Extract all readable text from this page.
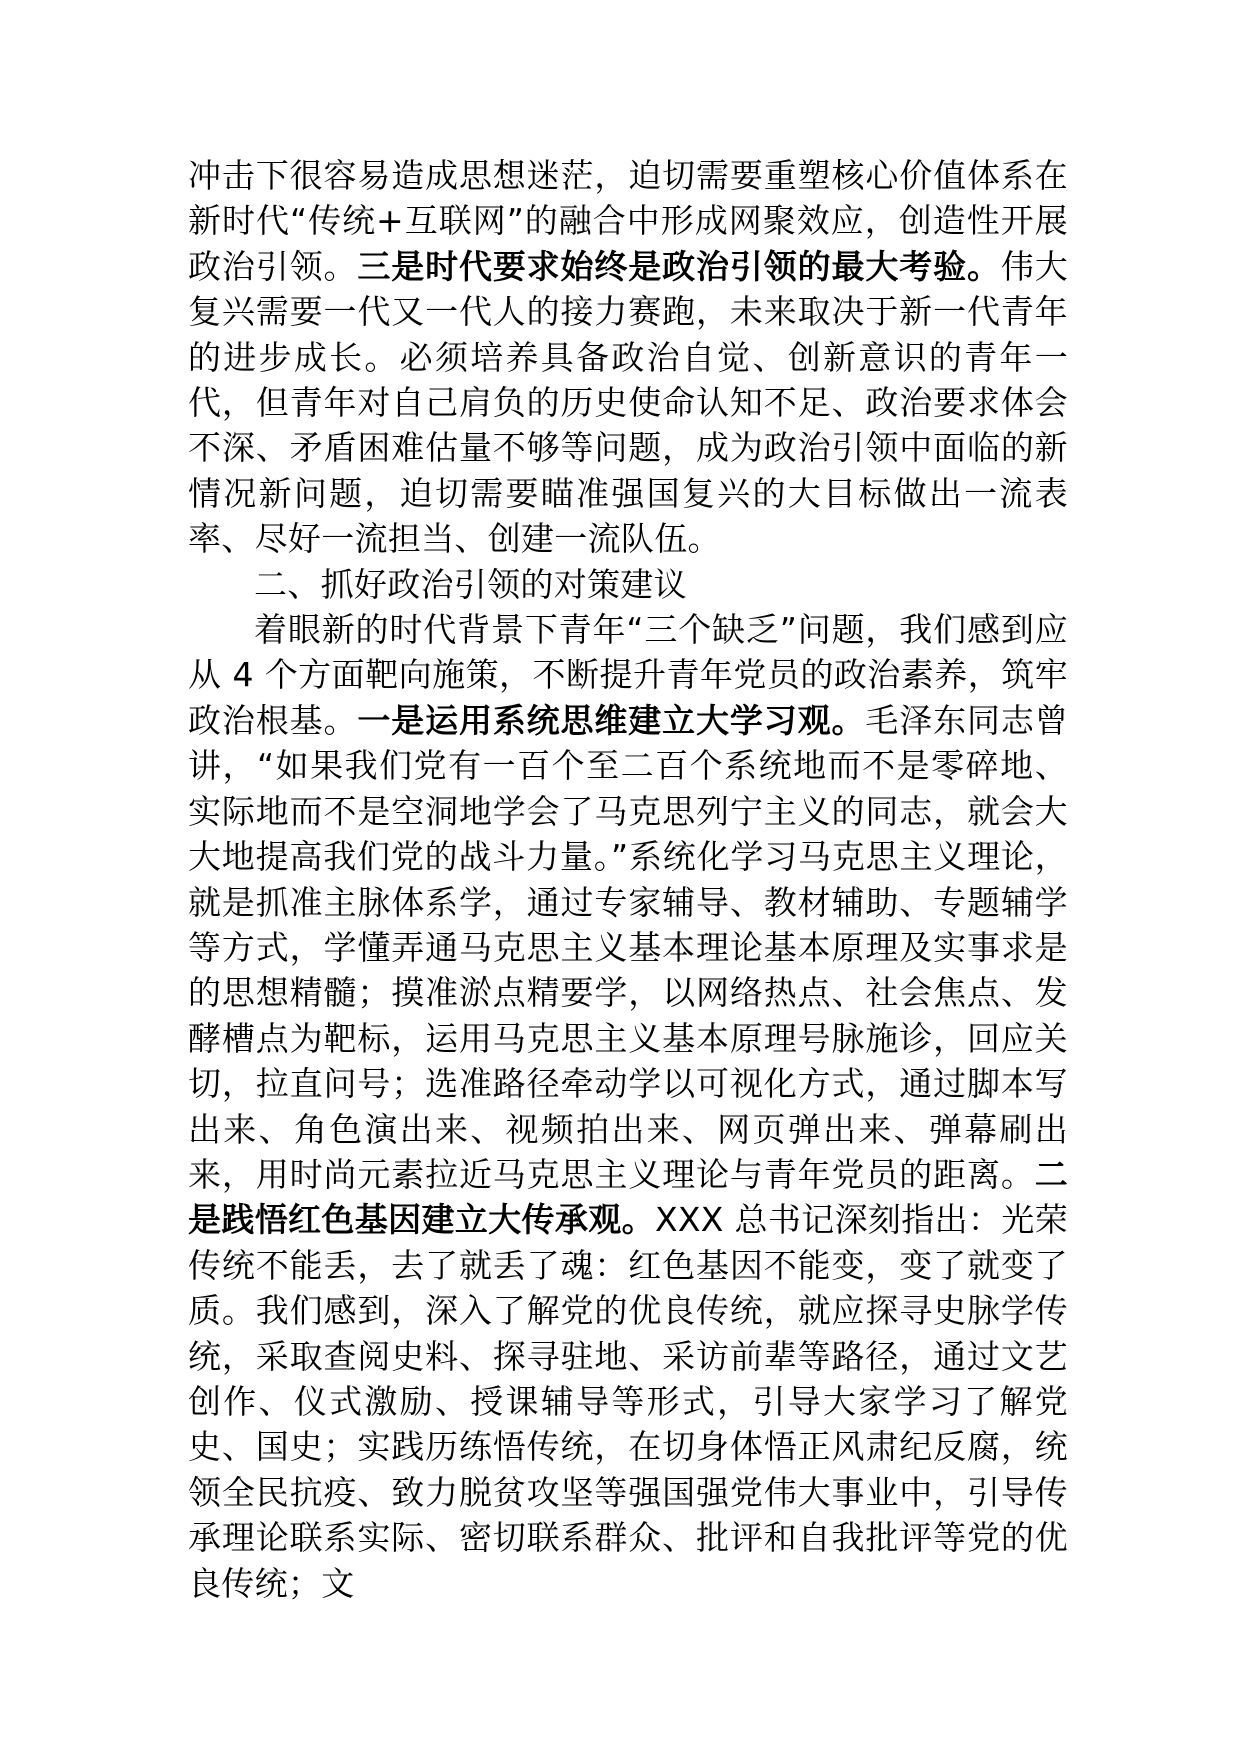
冲击下很容易造成思想迷茫，迫切需要重塑核心价值体系在新时代“传统+互联网”的融合中形成网聚效应，创造性开展政治引领。三是时代要求始终是政治引领的最大考验。伟大复兴需要一代又一代人的接力赛跑，未来取决于新一代青年的进步成长。必须培养具备政治自觉、创新意识的青年一代，但青年对自己肩负的历史使命认知不足、政治要求体会不深、矛盾困难估量不够等问题，成为政治引领中面临的新情况新问题，迫切需要瞄准强国复兴的大目标做出一流表率、尽好一流担当、创建一流队伍。

二、抓好政治引领的对策建议

着眼新的时代背景下青年“三个缺乏”问题，我们感到应从 4 个方面靶向施策，不断提升青年党员的政治素养，筑牢政治根基。一是运用系统思维建立大学习观。毛泽东同志曾讲，“如果我们党有一百个至二百个系统地而不是零碎地、实际地而不是空洞地学会了马克思列宁主义的同志，就会大大地提高我们党的战斗力量。”系统化学习马克思主义理论，就是抓准主脉体系学，通过专家辅导、教材辅助、专题辅学等方式，学懂弄通马克思主义基本理论基本原理及实事求是的思想精髓；摸准淤点精要学，以网络热点、社会焦点、发酵槽点为靶标，运用马克思主义基本原理号脉施诊，回应关切，拉直问号；选准路径牵动学以可视化方式，通过脚本写出来、角色演出来、视频拍出来、网页弹出来、弹幕刷出来，用时尚元素拉近马克思主义理论与青年党员的距离。二是践悟红色基因建立大传承观。XXX 总书记深刻指出：光荣传统不能丢，去了就丢了魂：红色基因不能变，变了就变了质。我们感到，深入了解党的优良传统，就应探寻史脉学传统，采取查阅史料、探寻驻地、采访前辈等路径，通过文艺创作、仪式激励、授课辅导等形式，引导大家学习了解党史、国史；实践历练悟传统，在切身体悟正风肃纪反腐，统领全民抗疫、致力脱贫攻坚等强国强党伟大事业中，引导传承理论联系实际、密切联系群众、批评和自我批评等党的优良传统；文
